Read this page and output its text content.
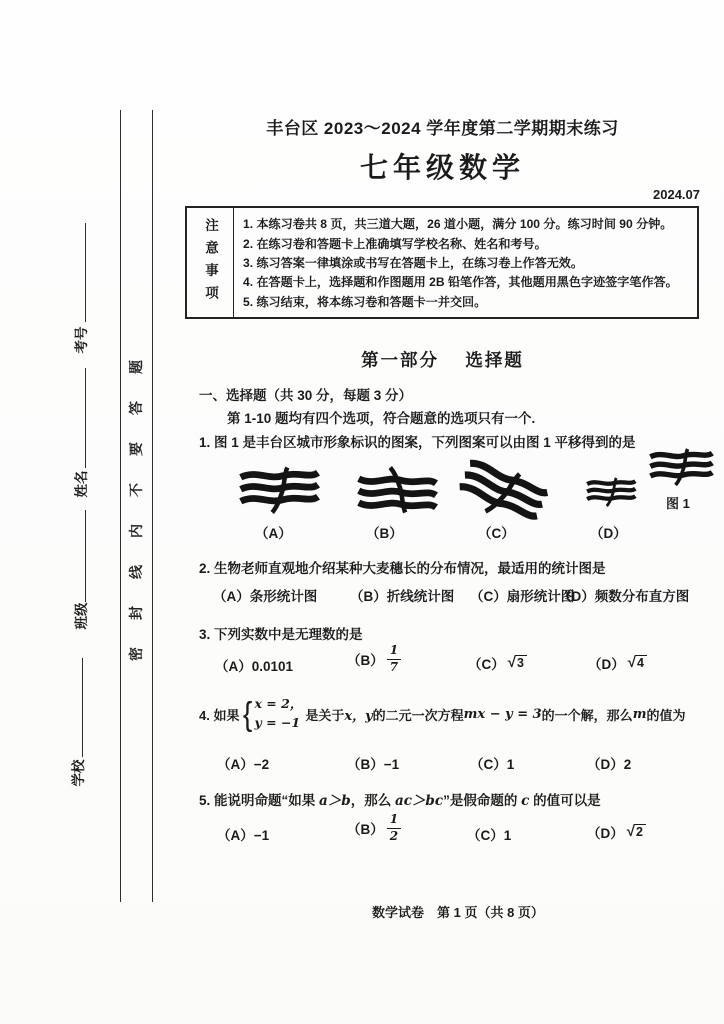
考号
姓名
班级
学校
密封线内不要答题
丰台区 2023～2024 学年度第二学期期末练习
七年级数学
2024.07
注意事项 1. 本练习卷共 8 页，共三道大题，26 道小题，满分 100 分。练习时间 90 分钟。
2. 在练习卷和答题卡上准确填写学校名称、姓名和考号。
3. 练习答案一律填涂或书写在答题卡上，在练习卷上作答无效。
4. 在答题卡上，选择题和作图题用 2B 铅笔作答，其他题用黑色字迹签字笔作答。
5. 练习结束，将本练习卷和答题卡一并交回。
第一部分　 选择题
一、选择题（共 30 分，每题 3 分）
第 1-10 题均有四个选项，符合题意的选项只有一个.
1. 图 1 是丰台区城市形象标识的图案，下列图案可以由图 1 平移得到的是
图 1
（A）	（B）	（C）	（D）
2. 生物老师直观地介绍某种大麦穗长的分布情况，最适用的统计图是
（A）条形统计图 （B）折线统计图 （C）扇形统计图
（D）频数分布直方图
3. 下列实数中是无理数的是
（A）0.0101	$(B) \frac{1}{7}$	（C） √ 3	（D） √ 4
4. 如果 { x = 2，
y = −1 是关于 x，y 的二元一次方程 mx − y = 3 的一个解，那么 m 的值为
（A）−2	（B）−1	（C）1	（D）2
5. 能说明命题“如果 a＞b，那么 ac＞bc”是假命题的 c 的值可以是
（A）−1	$(B) \frac{1}{2}$	（C）1	（D） √ 2
数学试卷　第 1 页（共 8 页）
